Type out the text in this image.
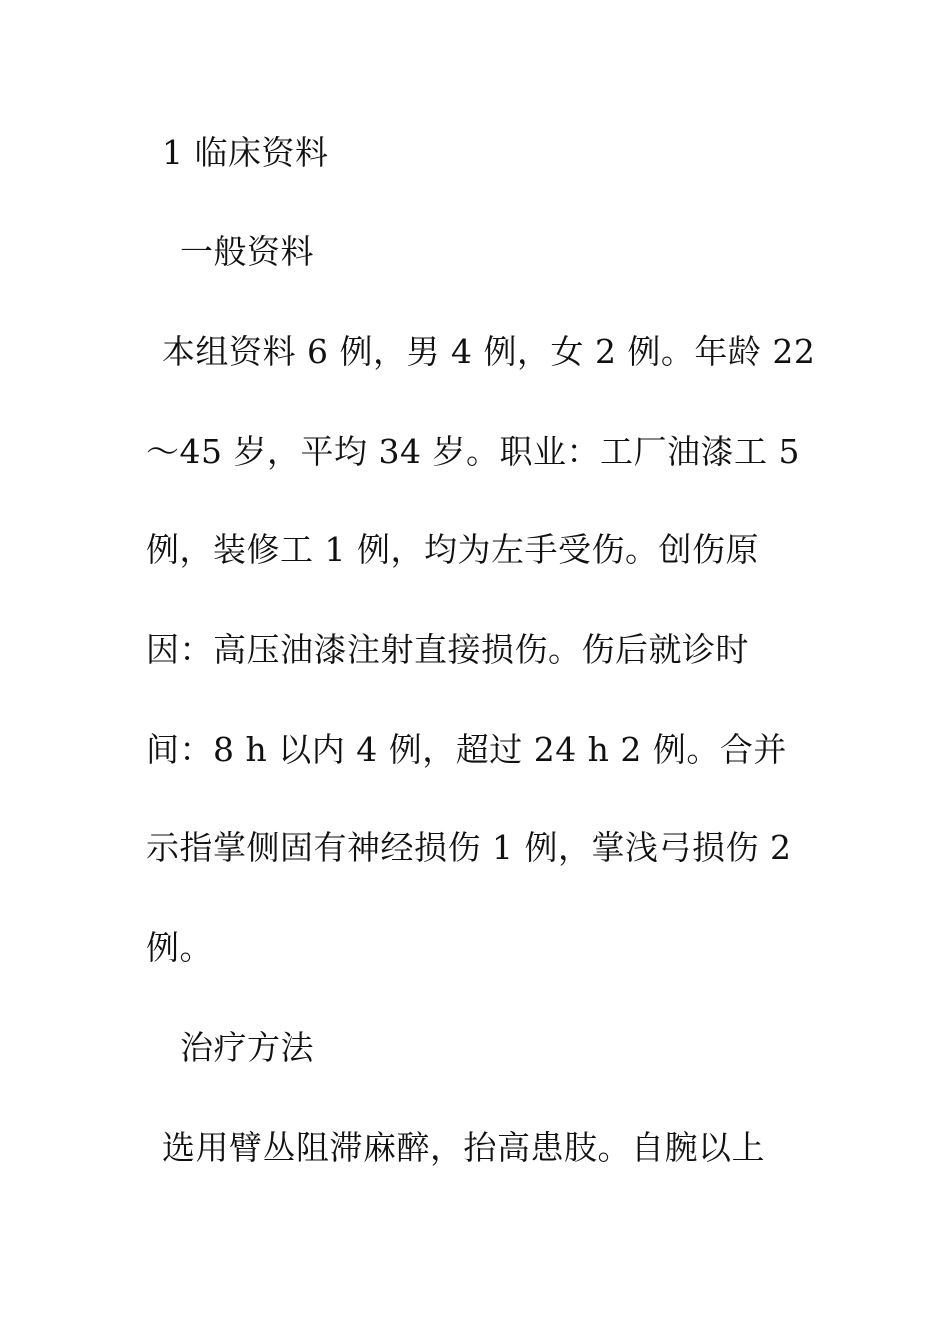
1 临床资料
一般资料
本组资料 6 例，男 4 例，女 2 例。年龄 22
～45 岁，平均 34 岁。职业：工厂油漆工 5
例，装修工 1 例，均为左手受伤。创伤原
因：高压油漆注射直接损伤。伤后就诊时
间：8 h 以内 4 例，超过 24 h 2 例。合并
示指掌侧固有神经损伤 1 例，掌浅弓损伤 2
例。
治疗方法
选用臂丛阻滞麻醉，抬高患肢。自腕以上
